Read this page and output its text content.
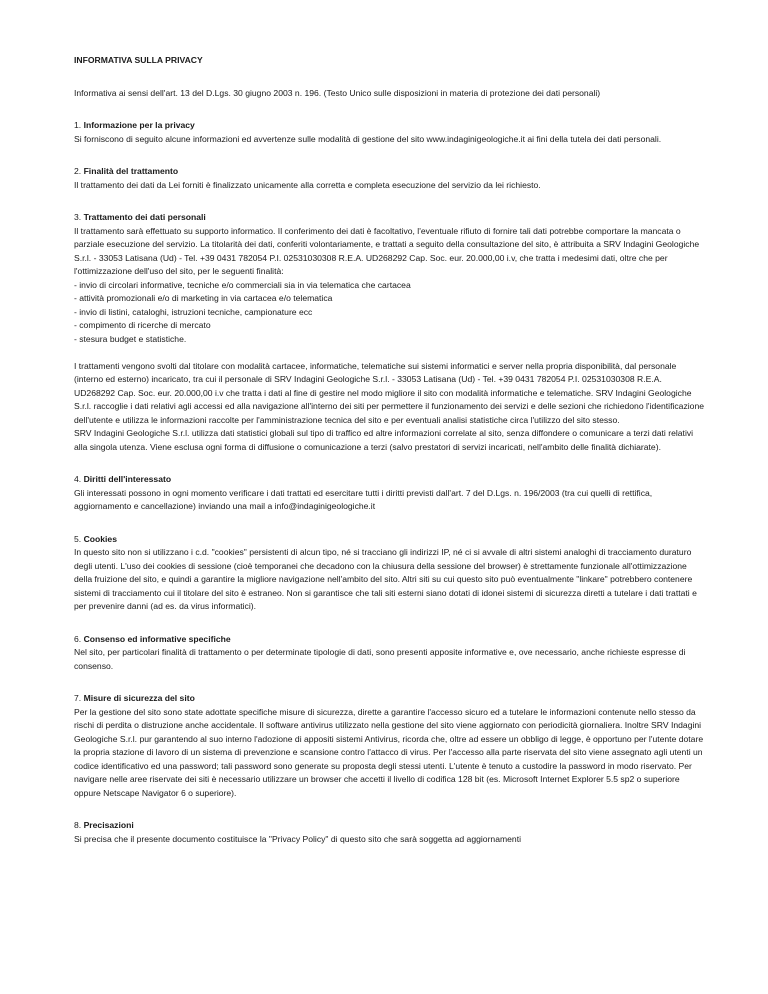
INFORMATIVA SULLA PRIVACY
Informativa ai sensi dell'art. 13 del D.Lgs. 30 giugno 2003 n. 196. (Testo Unico sulle disposizioni in materia di protezione dei dati personali)
1. Informazione per la privacy

Si forniscono di seguito alcune informazioni ed avvertenze sulle modalità di gestione del sito www.indaginigeologiche.it ai fini della tutela dei dati personali.

2. Finalità del trattamento

Il trattamento dei dati da Lei forniti è finalizzato unicamente alla corretta e completa esecuzione del servizio da lei richiesto.

3. Trattamento dei dati personali

Il trattamento sarà effettuato su supporto informatico. Il conferimento dei dati è facoltativo, l'eventuale rifiuto di fornire tali dati potrebbe comportare la mancata o parziale esecuzione del servizio. La titolarità dei dati, conferiti volontariamente, e trattati a seguito della consultazione del sito, è attribuita a SRV Indagini Geologiche S.r.l. - 33053 Latisana (Ud) - Tel. +39 0431 782054 P.I. 02531030308 R.E.A. UD268292 Cap. Soc. eur. 20.000,00 i.v, che tratta i medesimi dati, oltre che per l'ottimizzazione dell'uso del sito, per le seguenti finalità:

- invio di circolari informative, tecniche e/o commerciali sia in via telematica che cartacea

- attività promozionali e/o di marketing in via cartacea e/o telematica

- invio di listini, cataloghi, istruzioni tecniche, campionature ecc

- compimento di ricerche di mercato

- stesura budget e statistiche.

I trattamenti vengono svolti dal titolare con modalità cartacee, informatiche, telematiche sui sistemi informatici e server nella propria disponibilità, dal personale (interno ed esterno) incaricato, tra cui il personale di SRV Indagini Geologiche S.r.l. - 33053 Latisana (Ud) - Tel. +39 0431 782054 P.I. 02531030308 R.E.A. UD268292 Cap. Soc. eur. 20.000,00 i.v che tratta i dati al fine di gestire nel modo migliore il sito con modalità informatiche e telematiche. SRV Indagini Geologiche S.r.l. raccoglie i dati relativi agli accessi ed alla navigazione all'interno dei siti per permettere il funzionamento dei servizi e delle sezioni che richiedono l'identificazione dell'utente e utilizza le informazioni raccolte per l'amministrazione tecnica del sito e per eventuali analisi statistiche circa l'utilizzo del sito stesso.

SRV Indagini Geologiche S.r.l. utilizza dati statistici globali sul tipo di traffico ed altre informazioni correlate al sito, senza diffondere o comunicare a terzi dati relativi alla singola utenza. Viene esclusa ogni forma di diffusione o comunicazione a terzi (salvo prestatori di servizi incaricati, nell'ambito delle finalità dichiarate).

4. Diritti dell'interessato

Gli interessati possono in ogni momento verificare i dati trattati ed esercitare tutti i diritti previsti dall'art. 7 del D.Lgs. n. 196/2003 (tra cui quelli di rettifica, aggiornamento e cancellazione) inviando una mail a info@indaginigeologiche.it

5. Cookies

In questo sito non si utilizzano i c.d. "cookies" persistenti di alcun tipo, né si tracciano gli indirizzi IP, né ci si avvale di altri sistemi analoghi di tracciamento duraturo degli utenti. L'uso dei cookies di sessione (cioè temporanei che decadono con la chiusura della sessione del browser) è strettamente funzionale all'ottimizzazione della fruizione del sito, e quindi a garantire la migliore navigazione nell'ambito del sito. Altri siti su cui questo sito può eventualmente "linkare" potrebbero contenere sistemi di tracciamento cui il titolare del sito è estraneo. Non si garantisce che tali siti esterni siano dotati di idonei sistemi di sicurezza diretti a tutelare i dati trattati e per prevenire danni (ad es. da virus informatici).

6. Consenso ed informative specifiche

Nel sito, per particolari finalità di trattamento o per determinate tipologie di dati, sono presenti apposite informative e, ove necessario, anche richieste espresse di consenso.

7. Misure di sicurezza del sito

Per la gestione del sito sono state adottate specifiche misure di sicurezza, dirette a garantire l'accesso sicuro ed a tutelare le informazioni contenute nello stesso da rischi di perdita o distruzione anche accidentale. Il software antivirus utilizzato nella gestione del sito viene aggiornato con periodicità giornaliera. Inoltre SRV Indagini Geologiche S.r.l. pur garantendo al suo interno l'adozione di appositi sistemi Antivirus, ricorda che, oltre ad essere un obbligo di legge, è opportuno per l'utente dotare la propria stazione di lavoro di un sistema di prevenzione e scansione contro l'attacco di virus. Per l'accesso alla parte riservata del sito viene assegnato agli utenti un codice identificativo ed una password; tali password sono generate su proposta degli stessi utenti. L'utente è tenuto a custodire la password in modo riservato. Per navigare nelle aree riservate dei siti è necessario utilizzare un browser che accetti il livello di codifica 128 bit (es. Microsoft Internet Explorer 5.5 sp2 o superiore oppure Netscape Navigator 6 o superiore).

8. Precisazioni

Si precisa che il presente documento costituisce la "Privacy Policy" di questo sito che sarà soggetta ad aggiornamenti
